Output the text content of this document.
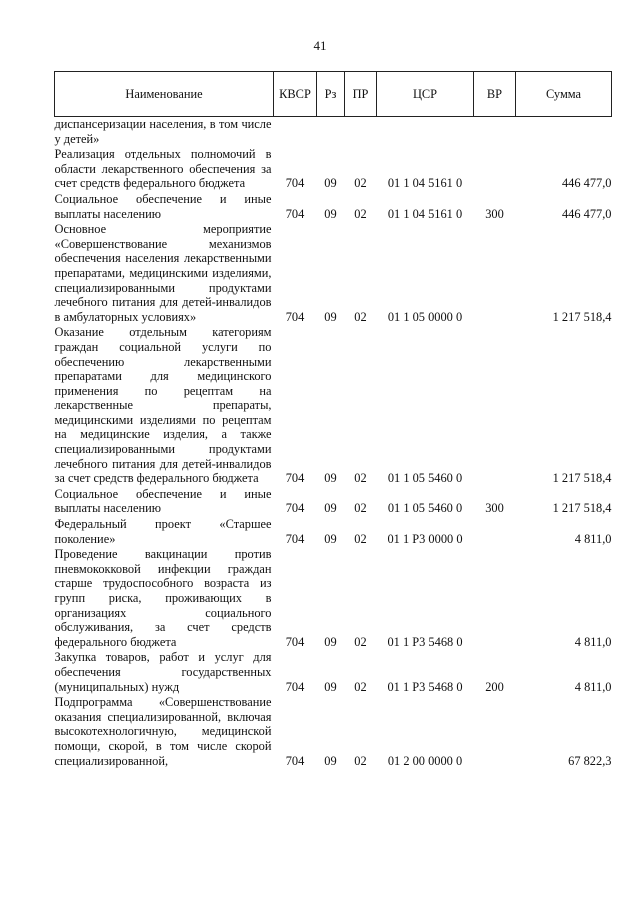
41
Наименование	КВСР	Рз	ПР	ЦСР	ВР	Сумма
диспансеризации населения, в том числе у детей»						
Реализация отдельных полномочий в области лекарственного обеспечения за счет средств федерального бюджета	704	09	02	01 1 04 5161 0		446 477,0
Социальное обеспечение и иные выплаты населению	704	09	02	01 1 04 5161 0	300	446 477,0
Основное мероприятие «Совершенствование механизмов обеспечения населения лекарственными препаратами, медицинскими изделиями, специализированными продуктами лечебного питания для детей-инвалидов в амбулаторных условиях»	704	09	02	01 1 05 0000 0		1 217 518,4
Оказание отдельным категориям граждан социальной услуги по обеспечению лекарственными препаратами для медицинского применения по рецептам на лекарственные препараты, медицинскими изделиями по рецептам на медицинские изделия, а также специализированными продуктами лечебного питания для детей-инвалидов за счет средств федерального бюджета	704	09	02	01 1 05 5460 0		1 217 518,4
Социальное обеспечение и иные выплаты населению	704	09	02	01 1 05 5460 0	300	1 217 518,4
Федеральный проект «Старшее поколение»	704	09	02	01 1 P3 0000 0		4 811,0
Проведение вакцинации против пневмококковой инфекции граждан старше трудоспособного возраста из групп риска, проживающих в организациях социального обслуживания, за счет средств федерального бюджета	704	09	02	01 1 P3 5468 0		4 811,0
Закупка товаров, работ и услуг для обеспечения государственных (муниципальных) нужд	704	09	02	01 1 P3 5468 0	200	4 811,0
Подпрограмма «Совершенствование оказания специализированной, включая высокотехнологичную, медицинской помощи, скорой, в том числе скорой специализированной,	704	09	02	01 2 00 0000 0		67 822,3
